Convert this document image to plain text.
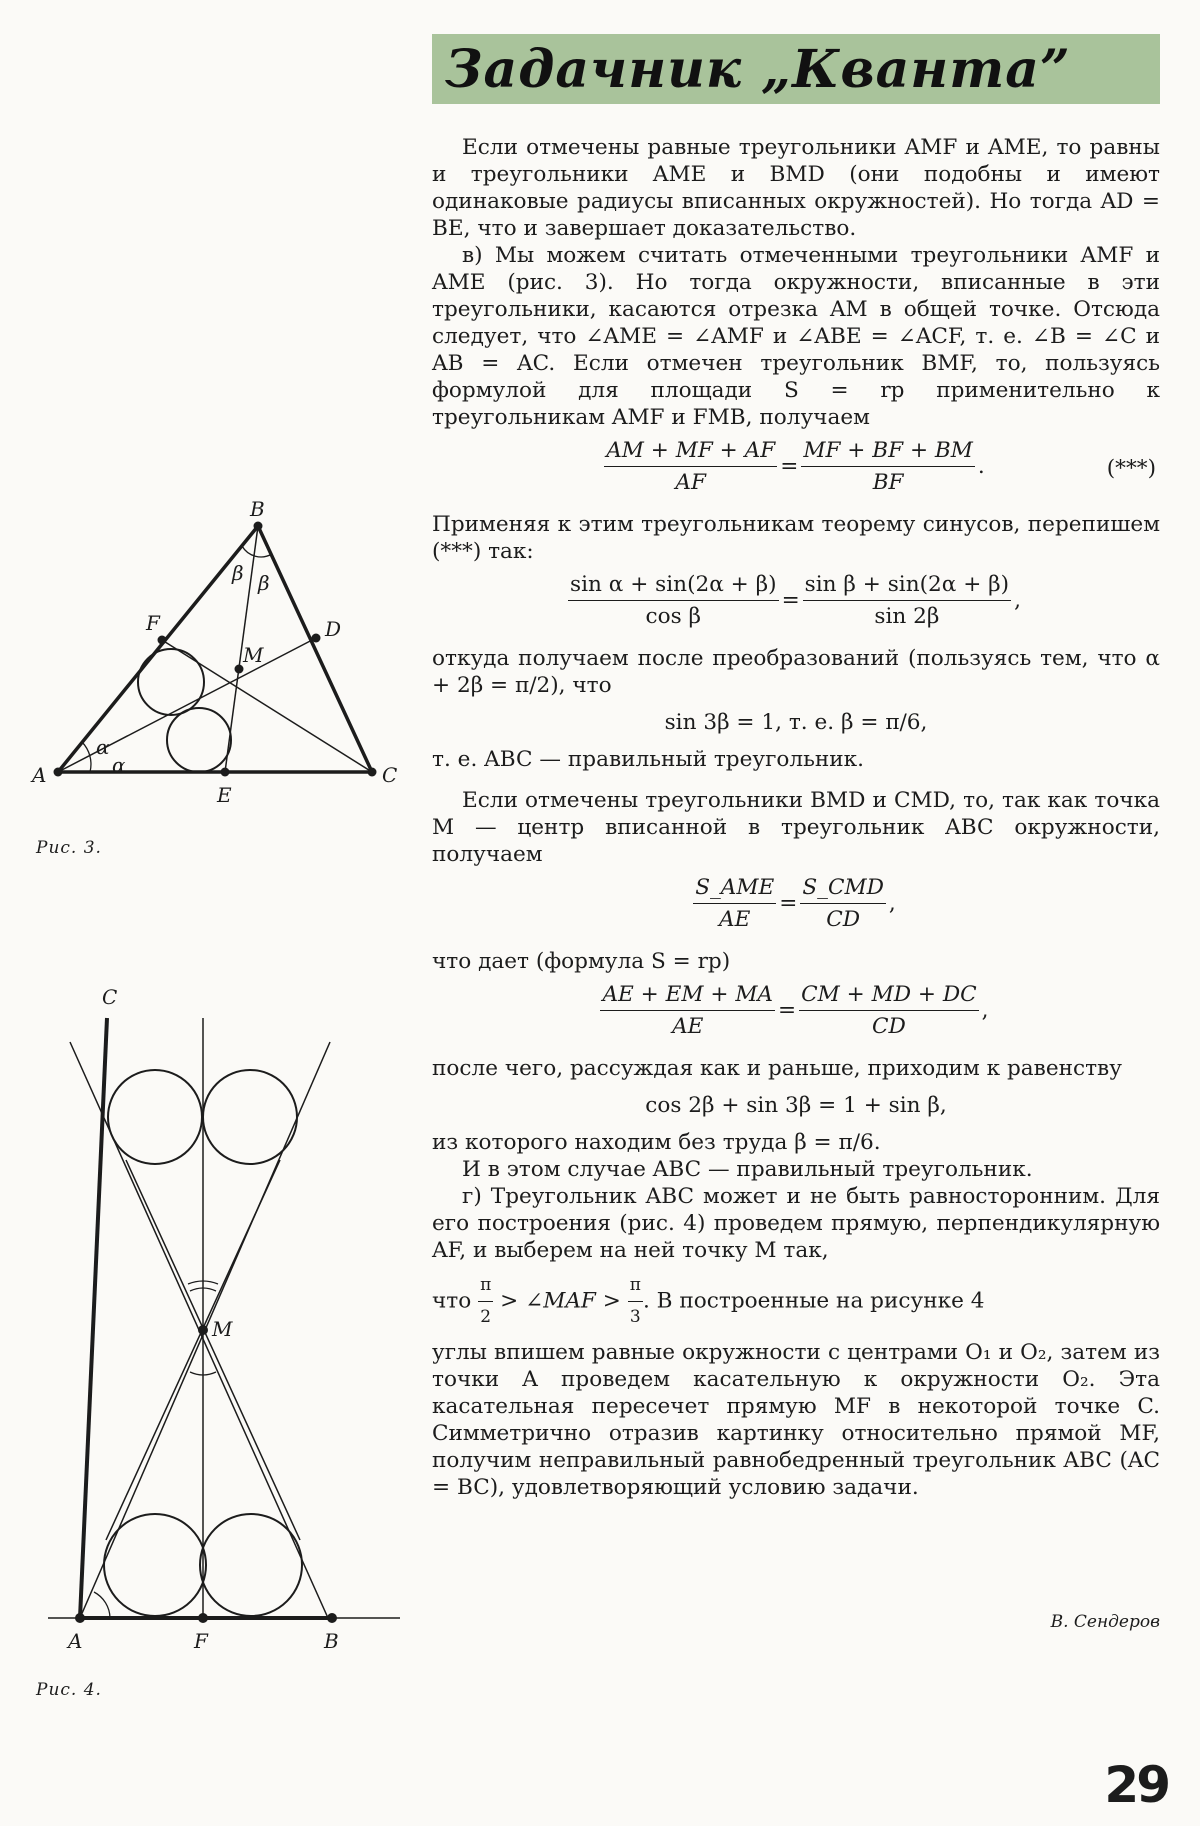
Задачник „Кванта”
B
A	C
D
E
F
M
α
α
β β
Рис. 3.
C
M
A	F	B
Рис. 4.

Если отмечены равные треугольники AMF и AME, то равны и треугольники AME и BMD (они подобны и имеют одинаковые радиусы вписанных окружностей). Но тогда AD = BE, что и завершает доказательство.

в) Мы можем считать отмеченными треугольники AMF и AME (рис. 3). Но тогда окружности, вписанные в эти треугольники, касаются отрезка AM в общей точке. Отсюда следует, что ∠AME = ∠AMF и ∠ABE = ∠ACF, т. е. ∠B = ∠C и AB = AC. Если отмечен треугольник BMF, то, пользуясь формулой для площади S = rp применительно к треугольникам AMF и FMB, получаем

$\frac{AM + MF + AF}{AF} = \frac{MF + BF + BM}{BF}$ .	(***)

Применяя к этим треугольникам теорему синусов, перепишем (***) так:

$\frac{\text{sin α + sin(2α + β)}}{\text{cos β}} = \frac{\text{sin β + sin(2α + β)}}{\sin 2\beta}$ ,

откуда получаем после преобразований (пользуясь тем, что α + 2β = π/2), что

sin 3β = 1, т. е. β = π/6,

т. е. ABC — правильный треугольник.

Если отмечены треугольники BMD и CMD, то, так как точка M — центр вписанной в треугольник ABC окружности, получаем

$\frac{\text{S\_AME}}{AE} = \frac{\text{S\_CMD}}{CD}$ ,

что дает (формула S = rp)

$\frac{AE + EM + MA}{AE} = \frac{CM + MD + DC}{CD}$ ,

после чего, рассуждая как и раньше, приходим к равенству

cos 2β + sin 3β = 1 + sin β,

из которого находим без труда β = π/6.

И в этом случае ABC — правильный треугольник.

г) Треугольник ABC может и не быть равносторонним. Для его построения (рис. 4) проведем прямую, перпендикулярную AF, и выберем на ней точку M так,

что $\frac{\pi}{2}$ > ∠MAF > $\frac{\pi}{3}$ . В построенные на рисунке 4

углы впишем равные окружности с центрами O₁ и O₂, затем из точки A проведем касательную к окружности O₂. Эта касательная пересечет прямую MF в некоторой точке C. Симметрично отразив картинку относительно прямой MF, получим неправильный равнобедренный треугольник ABC (AC = BC), удовлетворяющий условию задачи.

В. Сендеров
29
